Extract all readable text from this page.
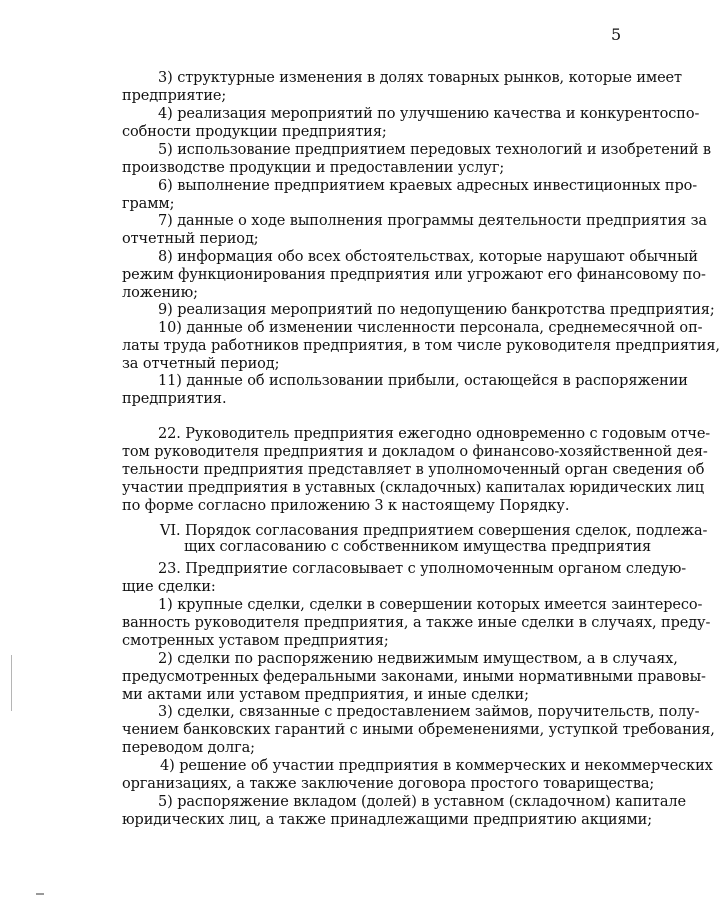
5
3) структурные изменения в долях товарных рынков, которые имеет
предприятие;
4) реализация мероприятий по улучшению качества и конкурентоспо-
собности продукции предприятия;
5) использование предприятием передовых технологий и изобретений в
производстве продукции и предоставлении услуг;
6) выполнение предприятием краевых адресных инвестиционных про-
грамм;
7) данные о ходе выполнения программы деятельности предприятия за
отчетный период;
8) информация обо всех обстоятельствах, которые нарушают обычный
режим функционирования предприятия или угрожают его финансовому по-
ложению;
9) реализация мероприятий по недопущению банкротства предприятия;
10) данные об изменении численности персонала, среднемесячной оп-
латы труда работников предприятия, в том числе руководителя предприятия,
за отчетный период;
11) данные об использовании прибыли, остающейся в распоряжении
предприятия.
22. Руководитель предприятия ежегодно одновременно с годовым отче-
том руководителя предприятия и докладом о финансово-хозяйственной дея-
тельности предприятия представляет в уполномоченный орган сведения об
участии предприятия в уставных (складочных) капиталах юридических лиц
по форме согласно приложению 3 к настоящему Порядку.
VI. Порядок согласования предприятием совершения сделок, подлежа-
щих согласованию с собственником имущества предприятия
23. Предприятие согласовывает с уполномоченным органом следую-
щие сделки:
1) крупные сделки, сделки в совершении которых имеется заинтересо-
ванность руководителя предприятия, а также иные сделки в случаях, преду-
смотренных уставом предприятия;
2) сделки по распоряжению недвижимым имуществом, а в случаях,
предусмотренных федеральными законами, иными нормативными правовы-
ми актами или уставом предприятия, и иные сделки;
3) сделки, связанные с предоставлением займов, поручительств, полу-
чением банковских гарантий с иными обременениями, уступкой требования,
переводом долга;
4) решение об участии предприятия в коммерческих и некоммерческих
организациях, а также заключение договора простого товарищества;
5) распоряжение вкладом (долей) в уставном (складочном) капитале
юридических лиц, а также принадлежащими предприятию акциями;
